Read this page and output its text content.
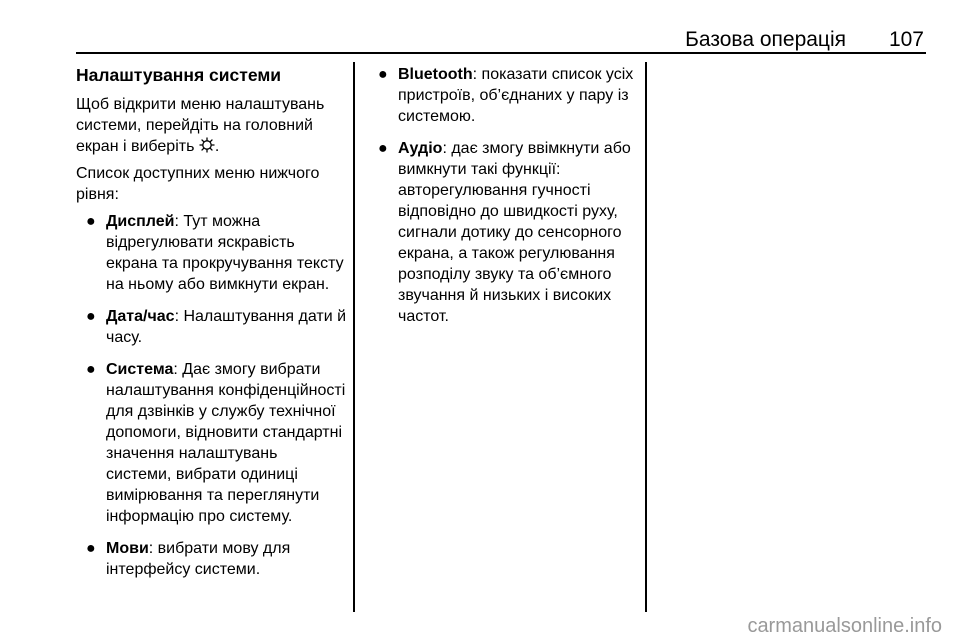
Базова операція 107
Налаштування системи

Щоб відкрити меню налаштувань системи, перейдіть на головний екран і виберіть .

Список доступних меню нижчого рівня:

● Дисплей: Тут можна відрегулювати яскравість екрана та прокручування тексту на ньому або вимкнути екран.
● Дата/час: Налаштування дати й часу.
● Система: Дає змогу вибрати налаштування конфіденційності для дзвінків у службу технічної допомоги, відновити стандартні значення налаштувань системи, вибрати одиниці вимірювання та переглянути інформацію про систему.
● Мови: вибрати мову для інтерфейсу системи.
● Bluetooth: показати список усіх пристроїв, об’єднаних у пару із системою.
● Аудіо: дає змогу ввімкнути або вимкнути такі функції: авторегулювання гучності відповідно до швидкості руху, сигнали дотику до сенсорного екрана, а також регулювання розподілу звуку та об’ємного звучання й низьких і високих частот.
carmanualsonline.info
